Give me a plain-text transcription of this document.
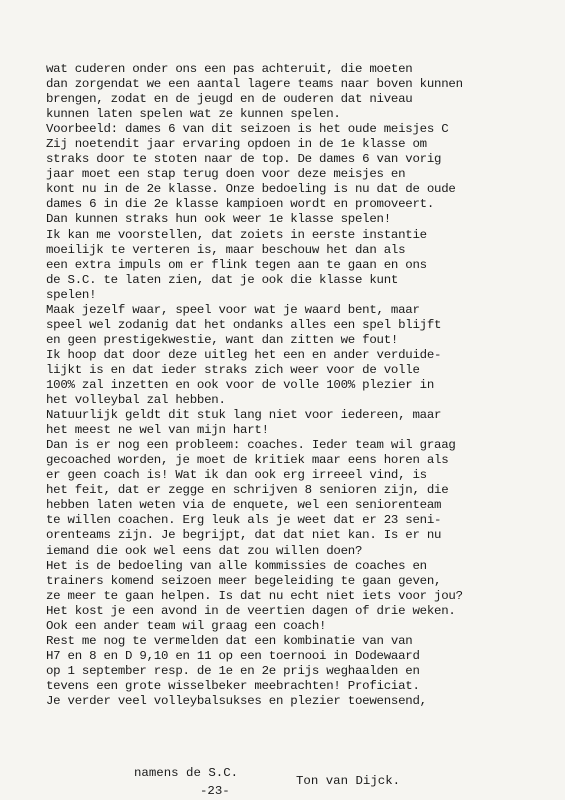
wat cuderen onder ons een pas achteruit, die moeten
dan zorgendat we een aantal lagere teams naar boven kunnen
brengen, zodat en de jeugd en de ouderen dat niveau
kunnen laten spelen wat ze kunnen spelen.
Voorbeeld: dames 6 van dit seizoen is het oude meisjes C
Zij noetendit jaar ervaring opdoen in de 1e klasse om
straks door te stoten naar de top. De dames 6 van vorig
jaar moet een stap terug doen voor deze meisjes en
kont nu in de 2e klasse. Onze bedoeling is nu dat de oude
dames 6 in die 2e klasse kampioen wordt en promoveert.
Dan kunnen straks hun ook weer 1e klasse spelen!
Ik kan me voorstellen, dat zoiets in eerste instantie
moeilijk te verteren is, maar beschouw het dan als
een extra impuls om er flink tegen aan te gaan en ons
de S.C. te laten zien, dat je ook die klasse kunt
spelen!
Maak jezelf waar, speel voor wat je waard bent, maar
speel wel zodanig dat het ondanks alles een spel blijft
en geen prestigekwestie, want dan zitten we fout!
Ik hoop dat door deze uitleg het een en ander verduide-
lijkt is en dat ieder straks zich weer voor de volle
100% zal inzetten en ook voor de volle 100% plezier in
het volleybal zal hebben.
Natuurlijk geldt dit stuk lang niet voor iedereen, maar
het meest ne wel van mijn hart!
Dan is er nog een probleem: coaches. Ieder team wil graag
gecoached worden, je moet de kritiek maar eens horen als
er geen coach is! Wat ik dan ook erg irreeel vind, is
het feit, dat er zegge en schrijven 8 senioren zijn, die
hebben laten weten via de enquete, wel een seniorenteam
te willen coachen. Erg leuk als je weet dat er 23 seni-
orenteams zijn. Je begrijpt, dat dat niet kan. Is er nu
iemand die ook wel eens dat zou willen doen?
Het is de bedoeling van alle kommissies de coaches en
trainers komend seizoen meer begeleiding te gaan geven,
ze meer te gaan helpen. Is dat nu echt niet iets voor jou?
Het kost je een avond in de veertien dagen of drie weken.
Ook een ander team wil graag een coach!
Rest me nog te vermelden dat een kombinatie van van
H7 en 8 en D 9,10 en 11 op een toernooi in Dodewaard
op 1 september resp. de 1e en 2e prijs weghaalden en
tevens een grote wisselbeker meebrachten! Proficiat.
Je verder veel volleybalsukses en plezier toewensend,
namens de S.C.
Ton van Dijck.
-23-
